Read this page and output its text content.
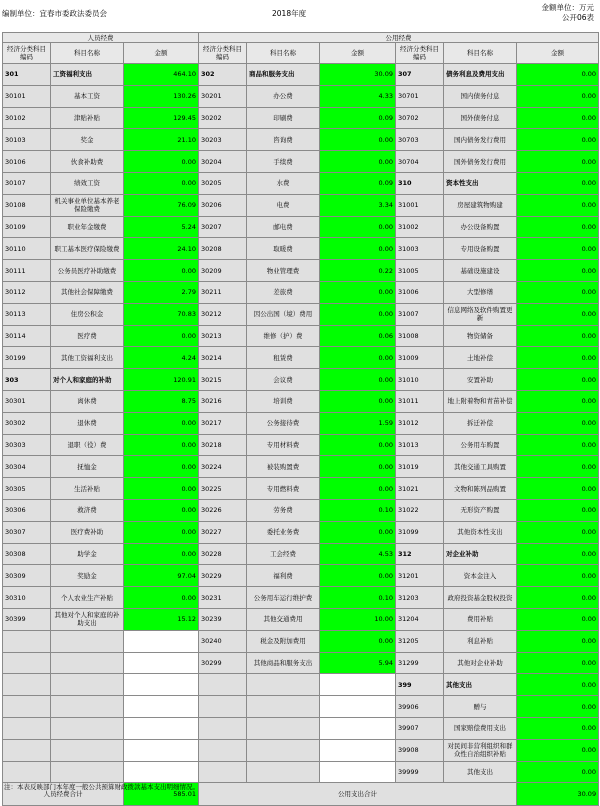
编制单位：宜春市委政法委员会	2018年度
金额单位：万元
公开06表
人员经费			公用经费					
经济分类科目编码	科目名称	金额	经济分类科目编码	科目名称	金额	经济分类科目编码	科目名称	金额
301	工资福利支出	464.10	302	商品和服务支出	30.09	307	债务利息及费用支出	0.00
30101	基本工资	130.26	30201	办公费	4.33	30701	国内债务付息	0.00
30102	津贴补贴	129.45	30202	印刷费	0.09	30702	国外债务付息	0.00
30103	奖金	21.10	30203	咨询费	0.00	30703	国内债务发行费用	0.00
30106	伙食补助费	0.00	30204	手续费	0.00	30704	国外债务发行费用	0.00
30107	绩效工资	0.00	30205	水费	0.09	310	资本性支出	0.00
30108	机关事业单位基本养老保险缴费	76.09	30206	电费	3.34	31001	房屋建筑物购建	0.00
30109	职业年金缴费	5.24	30207	邮电费	0.00	31002	办公设备购置	0.00
30110	职工基本医疗保险缴费	24.10	30208	取暖费	0.00	31003	专用设备购置	0.00
30111	公务员医疗补助缴费	0.00	30209	物业管理费	0.22	31005	基础设施建设	0.00
30112	其他社会保障缴费	2.79	30211	差旅费	0.00	31006	大型修缮	0.00
30113	住房公积金	70.83	30212	因公出国（境）费用	0.00	31007	信息网络及软件购置更新	0.00
30114	医疗费	0.00	30213	维修（护）费	0.06	31008	物资储备	0.00
30199	其他工资福利支出	4.24	30214	租赁费	0.00	31009	土地补偿	0.00
303	对个人和家庭的补助	120.91	30215	会议费	0.00	31010	安置补助	0.00
30301	离休费	8.75	30216	培训费	0.00	31011	地上附着物和青苗补偿	0.00
30302	退休费	0.00	30217	公务接待费	1.59	31012	拆迁补偿	0.00
30303	退职（役）费	0.00	30218	专用材料费	0.00	31013	公务用车购置	0.00
30304	抚恤金	0.00	30224	被装购置费	0.00	31019	其他交通工具购置	0.00
30305	生活补贴	0.00	30225	专用燃料费	0.00	31021	文物和陈列品购置	0.00
30306	救济费	0.00	30226	劳务费	0.10	31022	无形资产购置	0.00
30307	医疗费补助	0.00	30227	委托业务费	0.00	31099	其他资本性支出	0.00
30308	助学金	0.00	30228	工会经费	4.53	312	对企业补助	0.00
30309	奖励金	97.04	30229	福利费	0.00	31201	资本金注入	0.00
30310	个人农业生产补贴	0.00	30231	公务用车运行维护费	0.10	31203	政府投资基金股权投资	0.00
30399	其他对个人和家庭的补助支出	15.12	30239	其他交通费用	10.00	31204	费用补贴	0.00
			30240	税金及附加费用	0.00	31205	利息补贴	0.00
			30299	其他商品和服务支出	5.94	31299	其他对企业补助	0.00
						399	其他支出	0.00
						39906	赠与	0.00
						39907	国家赔偿费用支出	0.00
						39908	对民间非营利组织和群众性自治组织补贴	0.00
						39999	其他支出	0.00
人员经费合计		585.01	公用支出合计					30.09
注：本表反映部门本年度一般公共预算财政拨款基本支出明细情况。
